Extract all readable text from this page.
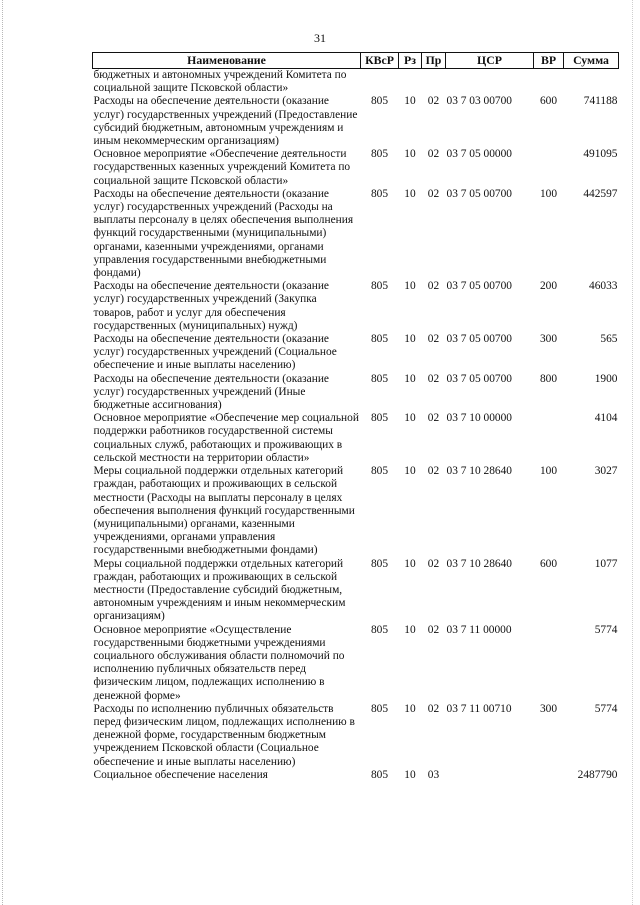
31
Наименование	КВсР	Рз	Пр	ЦСР	ВР	Сумма
бюджетных и автономных учреждений Комитета по социальной защите Псковской области»						
Расходы на обеспечение деятельности (оказание услуг) государственных учреждений (Предоставление субсидий бюджетным, автономным учреждениям и иным некоммерческим организациям)	805	10	02	03 7 03 00700	600	741188
Основное мероприятие «Обеспечение деятельности государственных казенных учреждений Комитета по социальной защите Псковской области»	805	10	02	03 7 05 00000		491095
Расходы на обеспечение деятельности (оказание услуг) государственных учреждений (Расходы на выплаты персоналу в целях обеспечения выполнения функций государственными (муниципальными) органами, казенными учреждениями, органами управления государственными внебюджетными фондами)	805	10	02	03 7 05 00700	100	442597
Расходы на обеспечение деятельности (оказание услуг) государственных учреждений (Закупка товаров, работ и услуг для обеспечения государственных (муниципальных) нужд)	805	10	02	03 7 05 00700	200	46033
Расходы на обеспечение деятельности (оказание услуг) государственных учреждений (Социальное обеспечение и иные выплаты населению)	805	10	02	03 7 05 00700	300	565
Расходы на обеспечение деятельности (оказание услуг) государственных учреждений (Иные бюджетные ассигнования)	805	10	02	03 7 05 00700	800	1900
Основное мероприятие «Обеспечение мер социальной поддержки работников государственной системы социальных служб, работающих и проживающих в сельской местности на территории области»	805	10	02	03 7 10 00000		4104
Меры социальной поддержки отдельных категорий граждан, работающих и проживающих в сельской местности (Расходы на выплаты персоналу в целях обеспечения выполнения функций государственными (муниципальными) органами, казенными учреждениями, органами управления государственными внебюджетными фондами)	805	10	02	03 7 10 28640	100	3027
Меры социальной поддержки отдельных категорий граждан, работающих и проживающих в сельской местности (Предоставление субсидий бюджетным, автономным учреждениям и иным некоммерческим организациям)	805	10	02	03 7 10 28640	600	1077
Основное мероприятие «Осуществление государственными бюджетными учреждениями социального обслуживания области полномочий по исполнению публичных обязательств перед физическим лицом, подлежащих исполнению в денежной форме»	805	10	02	03 7 11 00000		5774
Расходы по исполнению публичных обязательств перед физическим лицом, подлежащих исполнению в денежной форме, государственным бюджетным учреждением Псковской области (Социальное обеспечение и иные выплаты населению)	805	10	02	03 7 11 00710	300	5774
Социальное обеспечение населения	805	10	03			2487790
